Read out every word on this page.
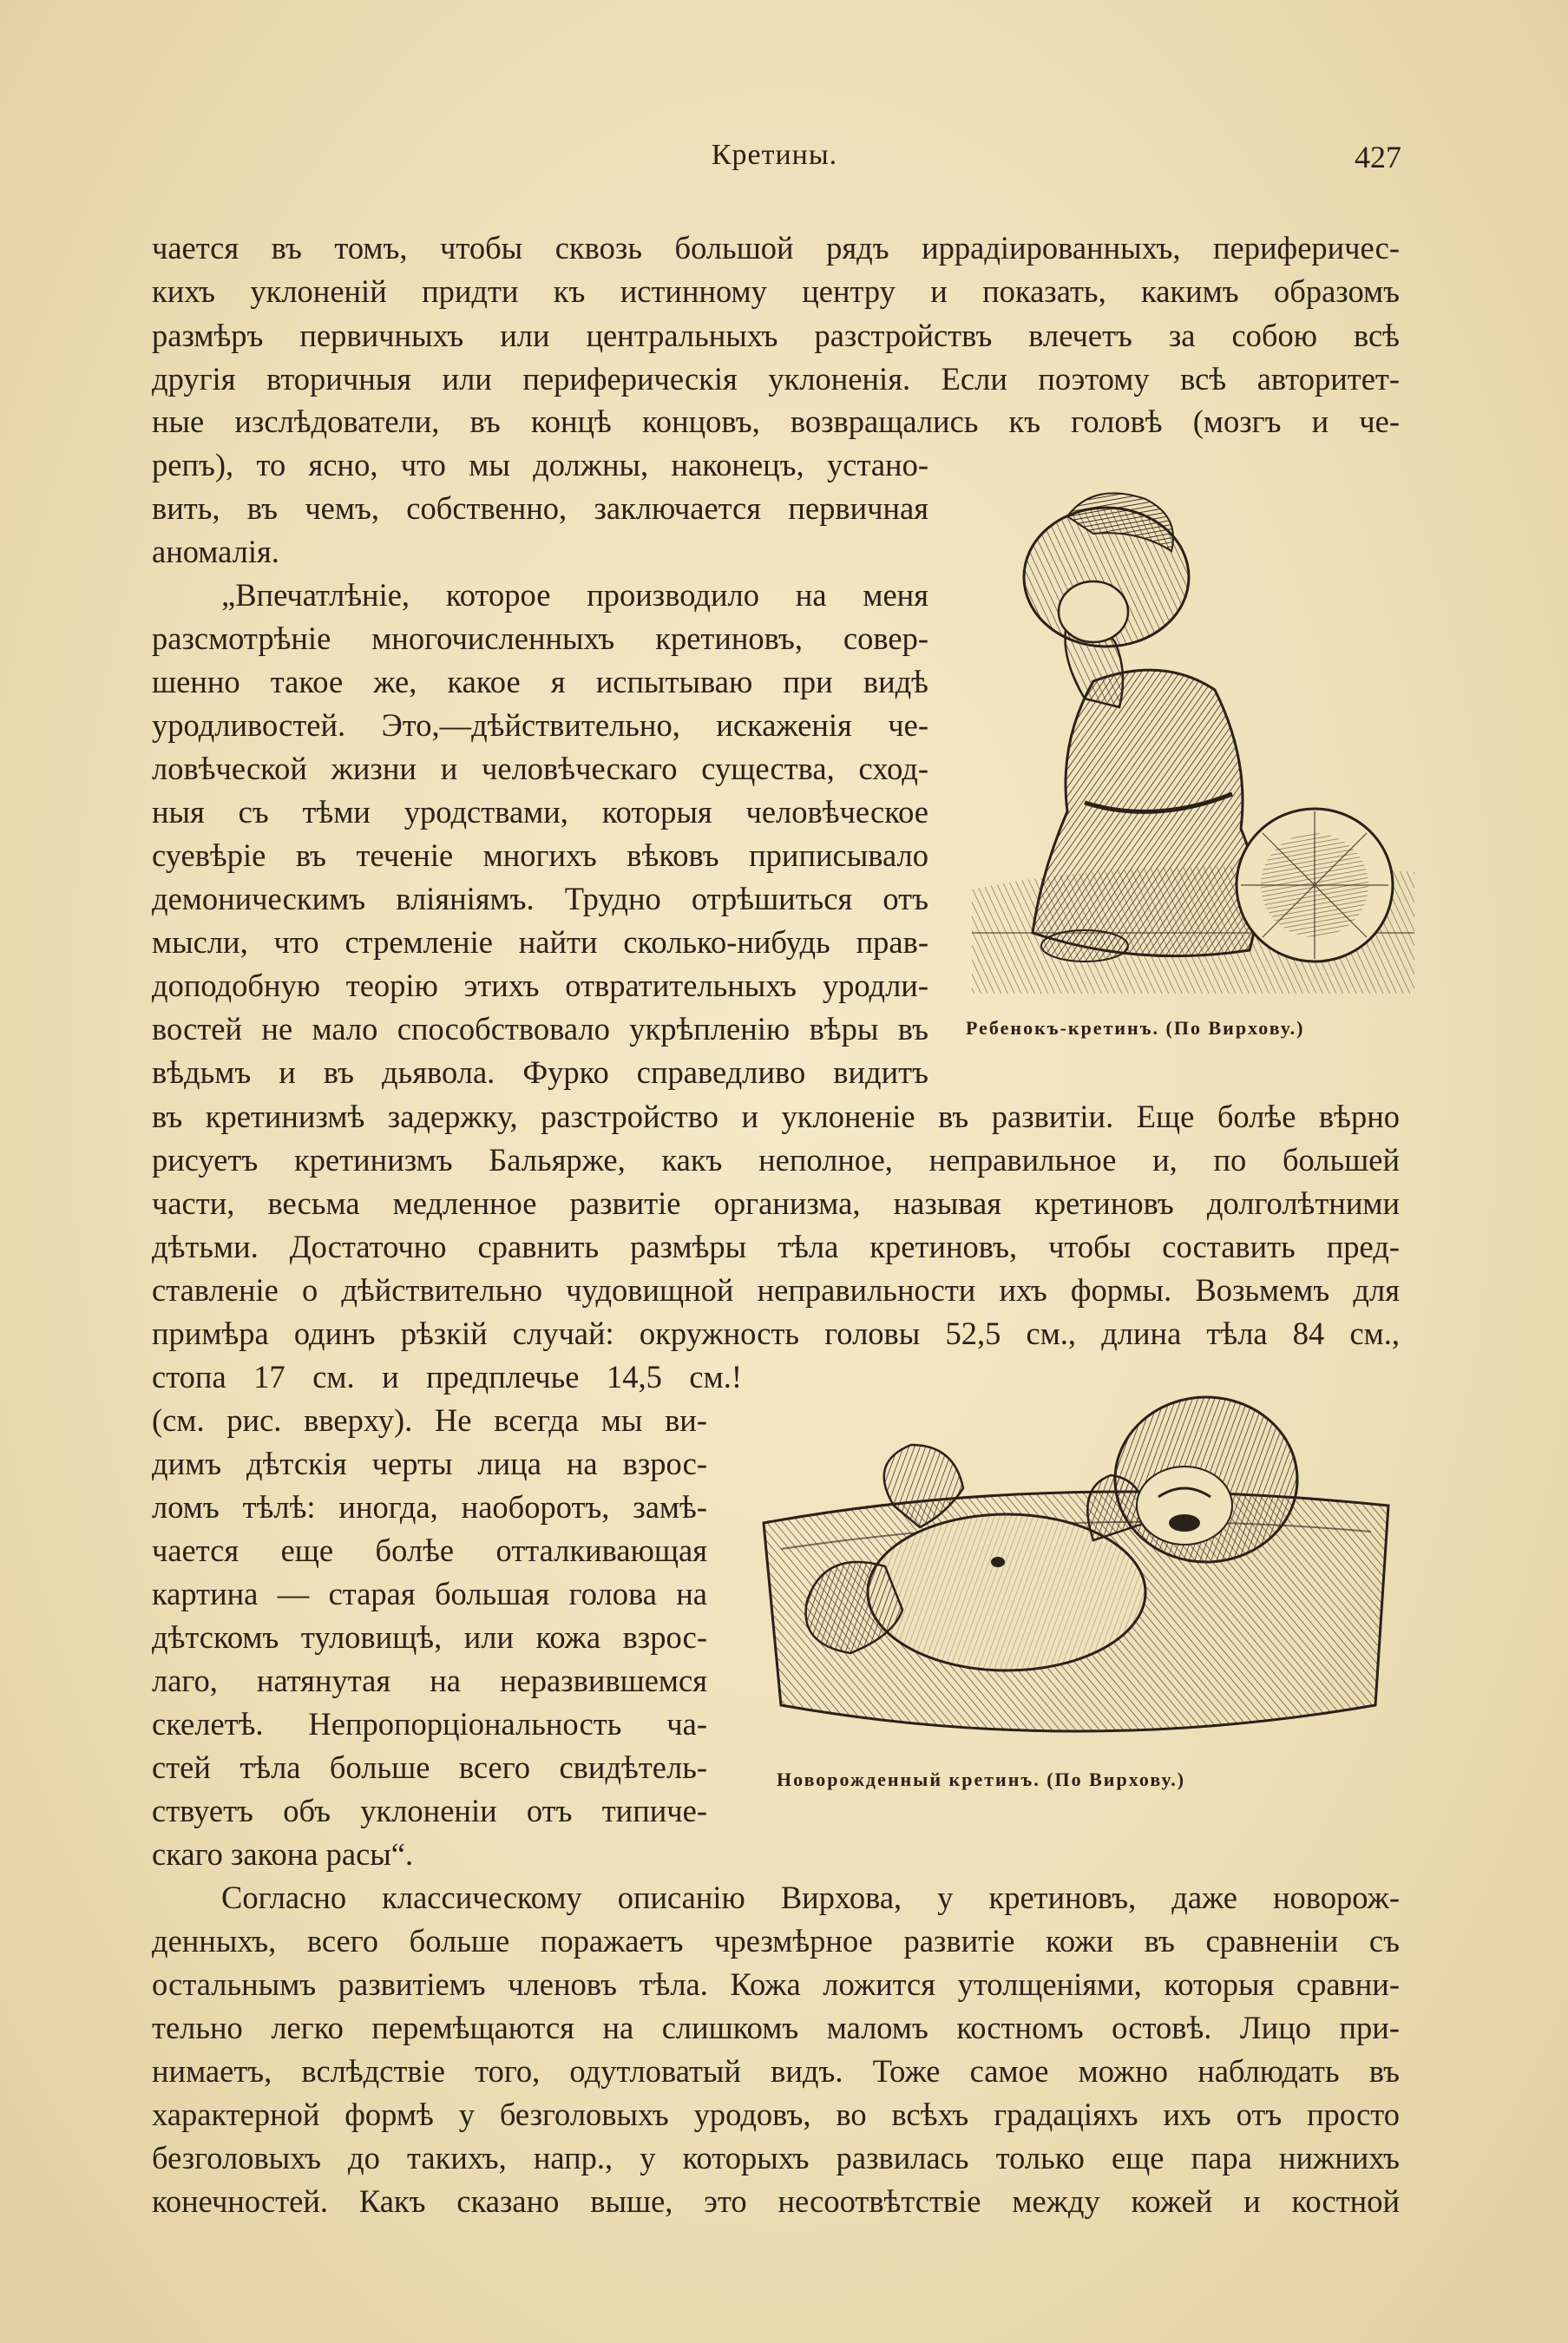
Кретины.	427
чается въ томъ, чтобы сквозь большой рядъ иррадiированныхъ, периферичес-
кихъ уклоненiй придти къ истинному центру и показать, какимъ образомъ
размѣръ первичныхъ или центральныхъ разстройствъ влечетъ за собою всѣ
другiя вторичныя или периферическiя уклоненiя. Если поэтому всѣ авторитет-
ные изслѣдователи, въ концѣ концовъ, возвращались къ головѣ (мозгъ и че-
репъ), то ясно, что мы должны, наконецъ, устано-
вить, въ чемъ, собственно, заключается первичная
аномалiя.
„Впечатлѣнiе, которое производило на меня
разсмотрѣнiе многочисленныхъ кретиновъ, совер-
шенно такое же, какое я испытываю при видѣ
уродливостей. Это,—дѣйствительно, искаженiя че-
ловѣческой жизни и человѣческаго существа, сход-
ныя съ тѣми уродствами, которыя человѣческое
суевѣрiе въ теченiе многихъ вѣковъ приписывало
демоническимъ влiянiямъ. Трудно отрѣшиться отъ
мысли, что стремленiе найти сколько-нибудь прав-
доподобную теорiю этихъ отвратительныхъ уродли-
востей не мало способствовало укрѣпленiю вѣры въ
вѣдьмъ и въ дьявола. Фурко справедливо видитъ
въ кретинизмѣ задержку, разстройство и уклоненiе въ развитiи. Еще болѣе вѣрно
рисуетъ кретинизмъ Бальярже, какъ неполное, неправильное и, по большей
части, весьма медленное развитiе организма, называя кретиновъ долголѣтними
дѣтьми. Достаточно сравнить размѣры тѣла кретиновъ, чтобы составить пред-
ставленiе о дѣйствительно чудовищной неправильности ихъ формы. Возьмемъ для
примѣра одинъ рѣзкiй случай: окружность головы 52,5 см., длина тѣла 84 см.,
стопа 17 см. и предплечье 14,5 см.!
(см. рис. вверху). Не всегда мы ви-
димъ дѣтскiя черты лица на взрос-
ломъ тѣлѣ: иногда, наоборотъ, замѣ-
чается еще болѣе отталкивающая
картина — старая большая голова на
дѣтскомъ туловищѣ, или кожа взрос-
лаго, натянутая на неразвившемся
скелетѣ. Непропорцiональность ча-
стей тѣла больше всего свидѣтель-
ствуетъ объ уклоненiи отъ типиче-
скаго закона расы“.
Согласно классическому описанiю Вирхова, у кретиновъ, даже новорож-
денныхъ, всего больше поражаетъ чрезмѣрное развитiе кожи въ сравненiи съ
остальнымъ развитiемъ членовъ тѣла. Кожа ложится утолщенiями, которыя сравни-
тельно легко перемѣщаются на слишкомъ маломъ костномъ остовѣ. Лицо при-
нимаетъ, вслѣдствiе того, одутловатый видъ. Тоже самое можно наблюдать въ
характерной формѣ у безголовыхъ уродовъ, во всѣхъ градацiяхъ ихъ отъ просто
безголовыхъ до такихъ, напр., у которыхъ развилась только еще пара нижнихъ
конечностей. Какъ сказано выше, это несоотвѣтствiе между кожей и костной
Ребенокъ-кретинъ. (По Вирхову.)
Новорожденный кретинъ. (По Вирхову.)
